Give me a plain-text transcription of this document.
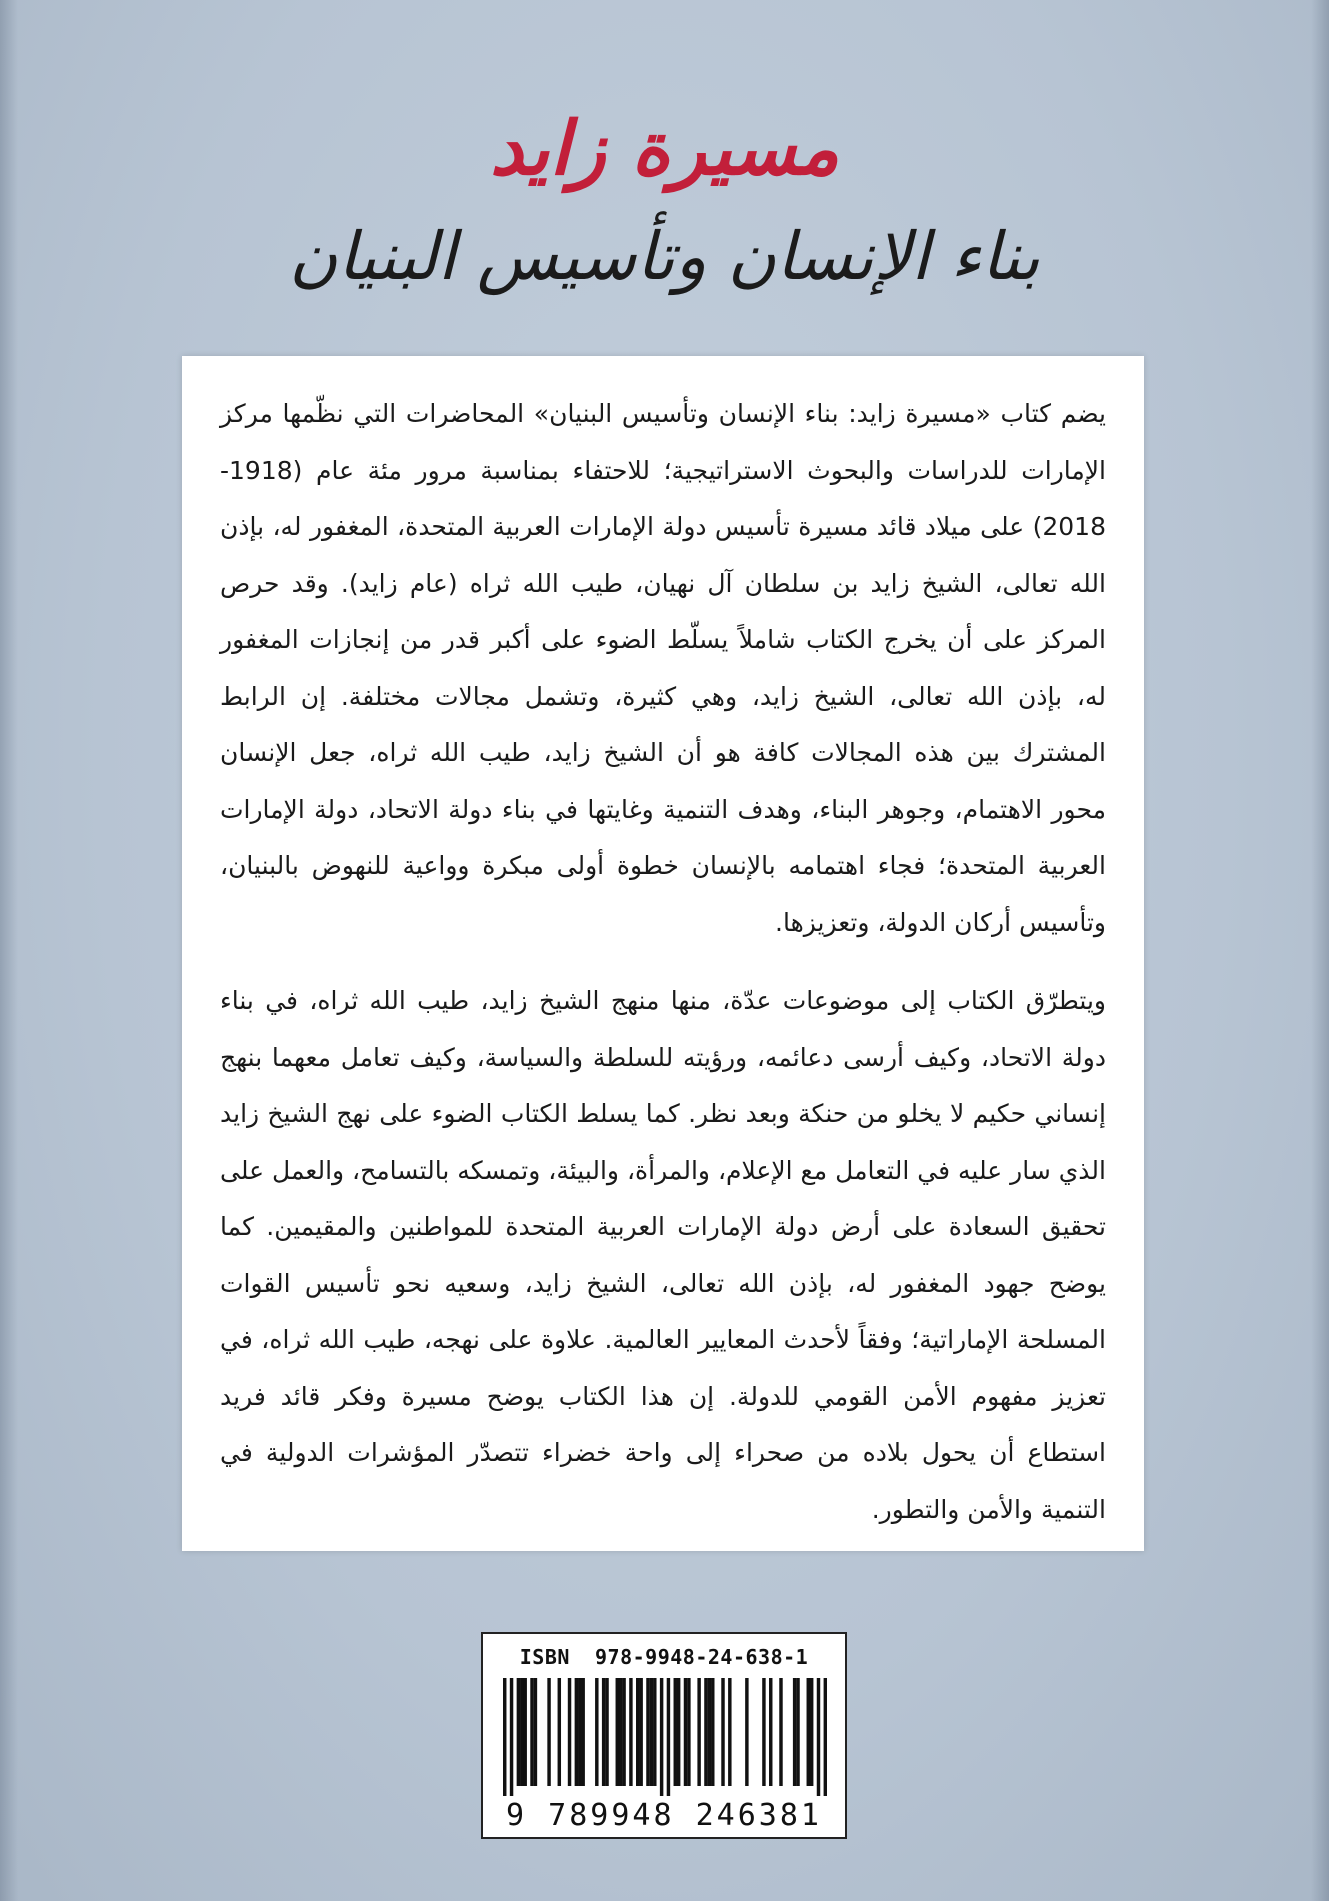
مسيرة زايد
بناء الإنسان وتأسيس البنيان

يضم كتاب «مسيرة زايد: بناء الإنسان وتأسيس البنيان» المحاضرات التي نظّمها مركز الإمارات للدراسات والبحوث الاستراتيجية؛ للاحتفاء بمناسبة مرور مئة عام (1918-2018) على ميلاد قائد مسيرة تأسيس دولة الإمارات العربية المتحدة، المغفور له، بإذن الله تعالى، الشيخ زايد بن سلطان آل نهيان، طيب الله ثراه (عام زايد). وقد حرص المركز على أن يخرج الكتاب شاملاً يسلّط الضوء على أكبر قدر من إنجازات المغفور له، بإذن الله تعالى، الشيخ زايد، وهي كثيرة، وتشمل مجالات مختلفة. إن الرابط المشترك بين هذه المجالات كافة هو أن الشيخ زايد، طيب الله ثراه، جعل الإنسان محور الاهتمام، وجوهر البناء، وهدف التنمية وغايتها في بناء دولة الاتحاد، دولة الإمارات العربية المتحدة؛ فجاء اهتمامه بالإنسان خطوة أولى مبكرة وواعية للنهوض بالبنيان، وتأسيس أركان الدولة، وتعزيزها.

ويتطرّق الكتاب إلى موضوعات عدّة، منها منهج الشيخ زايد، طيب الله ثراه، في بناء دولة الاتحاد، وكيف أرسى دعائمه، ورؤيته للسلطة والسياسة، وكيف تعامل معهما بنهج إنساني حكيم لا يخلو من حنكة وبعد نظر. كما يسلط الكتاب الضوء على نهج الشيخ زايد الذي سار عليه في التعامل مع الإعلام، والمرأة، والبيئة، وتمسكه بالتسامح، والعمل على تحقيق السعادة على أرض دولة الإمارات العربية المتحدة للمواطنين والمقيمين. كما يوضح جهود المغفور له، بإذن الله تعالى، الشيخ زايد، وسعيه نحو تأسيس القوات المسلحة الإماراتية؛ وفقاً لأحدث المعايير العالمية. علاوة على نهجه، طيب الله ثراه، في تعزيز مفهوم الأمن القومي للدولة. إن هذا الكتاب يوضح مسيرة وفكر قائد فريد استطاع أن يحول بلاده من صحراء إلى واحة خضراء تتصدّر المؤشرات الدولية في التنمية والأمن والتطور.

ISBN  978-9948-24-638-1
9 789948 246381
